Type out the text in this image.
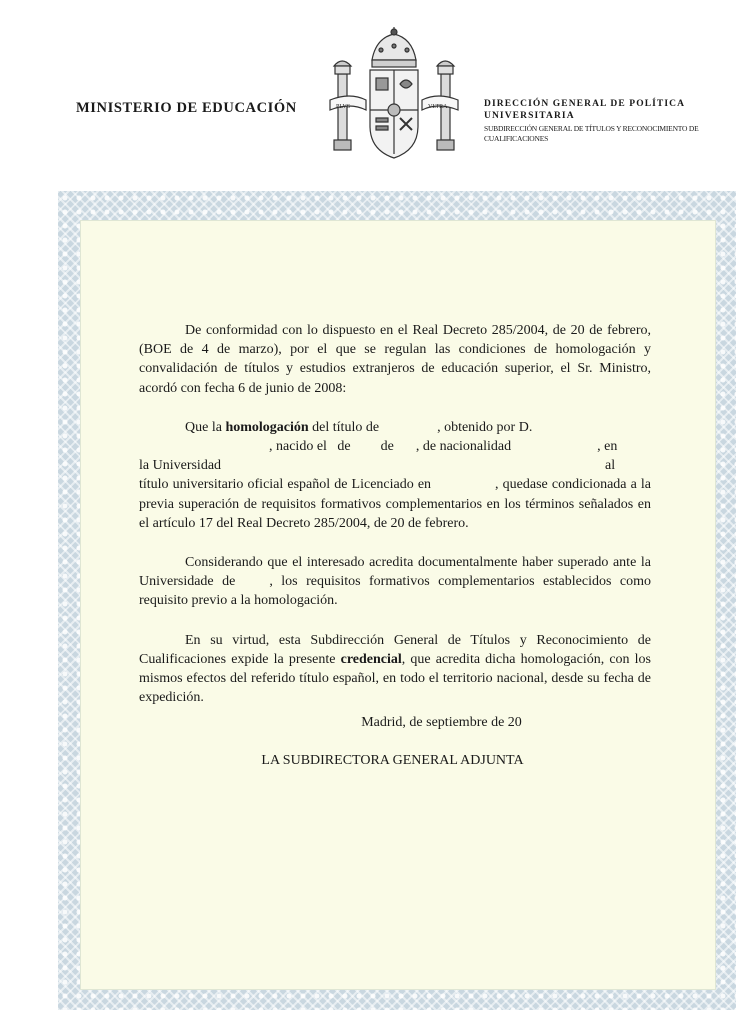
MINISTERIO DE EDUCACIÓN	PLVS	VLTRA	DIRECCIÓN GENERAL DE POLÍTICA UNIVERSITARIA
SUBDIRECCIÓN GENERAL DE TÍTULOS Y RECONOCIMIENTO DE CUALIFICACIONES

De conformidad con lo dispuesto en el Real Decreto 285/2004, de 20 de febrero, (BOE de 4 de marzo), por el que se regulan las condiciones de homologación y convalidación de títulos y estudios extranjeros de educación superior, el Sr. Ministro, acordó con fecha 6 de junio de 2008:

Que la homologación del título de	, obtenido por D.
, nacido el de de , de nacionalidad	, en
la Universidad	al
título universitario oficial español de Licenciado en	, quedase condicionada a la previa superación de requisitos formativos complementarios en los términos señalados en el artículo 17 del Real Decreto 285/2004, de 20 de febrero.

Considerando que el interesado acredita documentalmente haber superado ante la Universidade de , los requisitos formativos complementarios establecidos como requisito previo a la homologación.

En su virtud, esta Subdirección General de Títulos y Reconocimiento de Cualificaciones expide la presente credencial, que acredita dicha homologación, con los mismos efectos del referido título español, en todo el territorio nacional, desde su fecha de expedición.

Madrid, de septiembre de 20
LA SUBDIRECTORA GENERAL ADJUNTA
